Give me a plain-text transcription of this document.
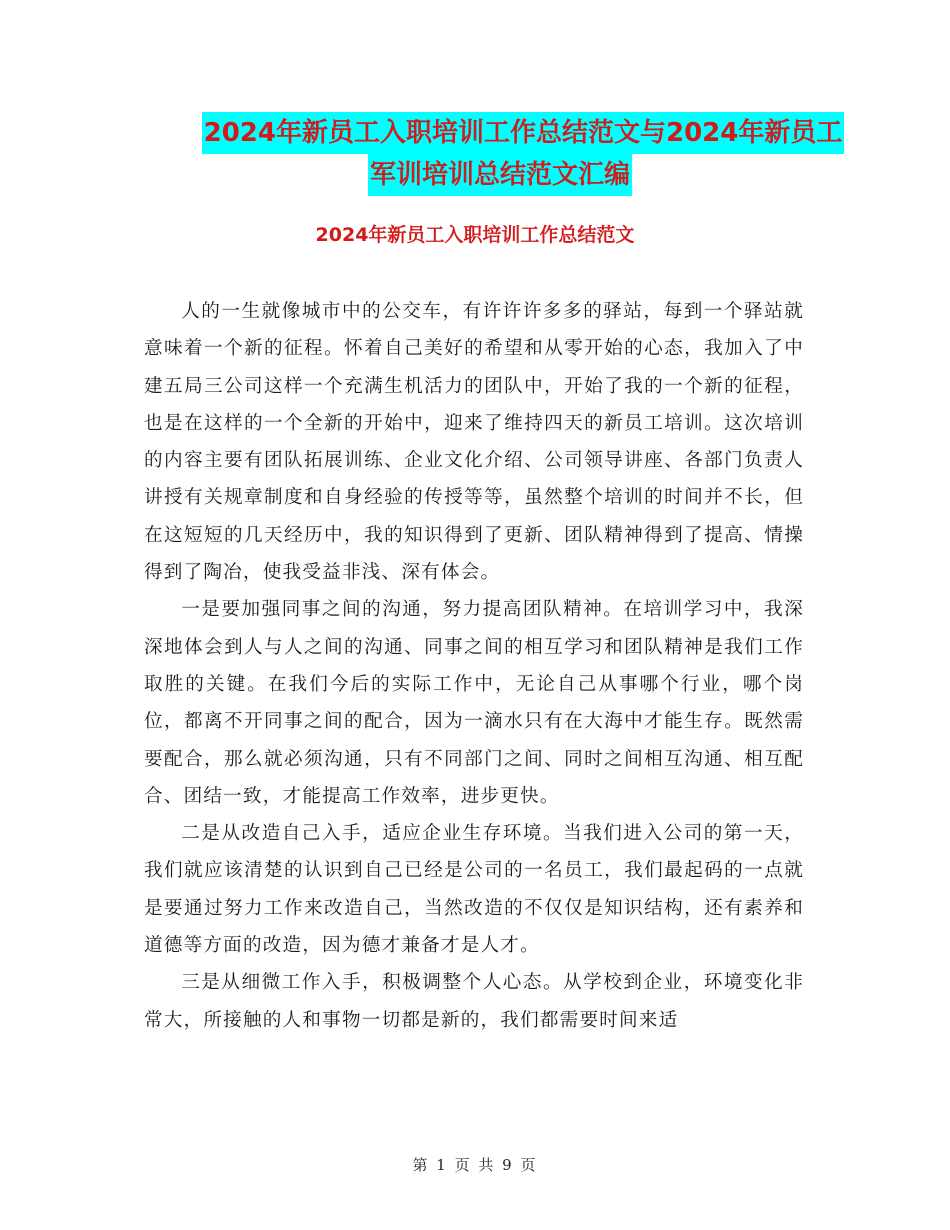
2024年新员工入职培训工作总结范文与2024年新员工
军训培训总结范文汇编
2024年新员工入职培训工作总结范文

人的一生就像城市中的公交车，有许许许多多的驿站，每到一个驿站就意味着一个新的征程。怀着自己美好的希望和从零开始的心态，我加入了中建五局三公司这样一个充满生机活力的团队中，开始了我的一个新的征程，也是在这样的一个全新的开始中，迎来了维持四天的新员工培训。这次培训的内容主要有团队拓展训练、企业文化介绍、公司领导讲座、各部门负责人讲授有关规章制度和自身经验的传授等等，虽然整个培训的时间并不长，但在这短短的几天经历中，我的知识得到了更新、团队精神得到了提高、情操得到了陶冶，使我受益非浅、深有体会。

一是要加强同事之间的沟通，努力提高团队精神。在培训学习中，我深深地体会到人与人之间的沟通、同事之间的相互学习和团队精神是我们工作取胜的关键。在我们今后的实际工作中，无论自己从事哪个行业，哪个岗位，都离不开同事之间的配合，因为一滴水只有在大海中才能生存。既然需要配合，那么就必须沟通，只有不同部门之间、同时之间相互沟通、相互配合、团结一致，才能提高工作效率，进步更快。

二是从改造自己入手，适应企业生存环境。当我们进入公司的第一天，我们就应该清楚的认识到自己已经是公司的一名员工，我们最起码的一点就是要通过努力工作来改造自己，当然改造的不仅仅是知识结构，还有素养和道德等方面的改造，因为德才兼备才是人才。

三是从细微工作入手，积极调整个人心态。从学校到企业，环境变化非常大，所接触的人和事物一切都是新的，我们都需要时间来适

第 1 页 共 9 页
